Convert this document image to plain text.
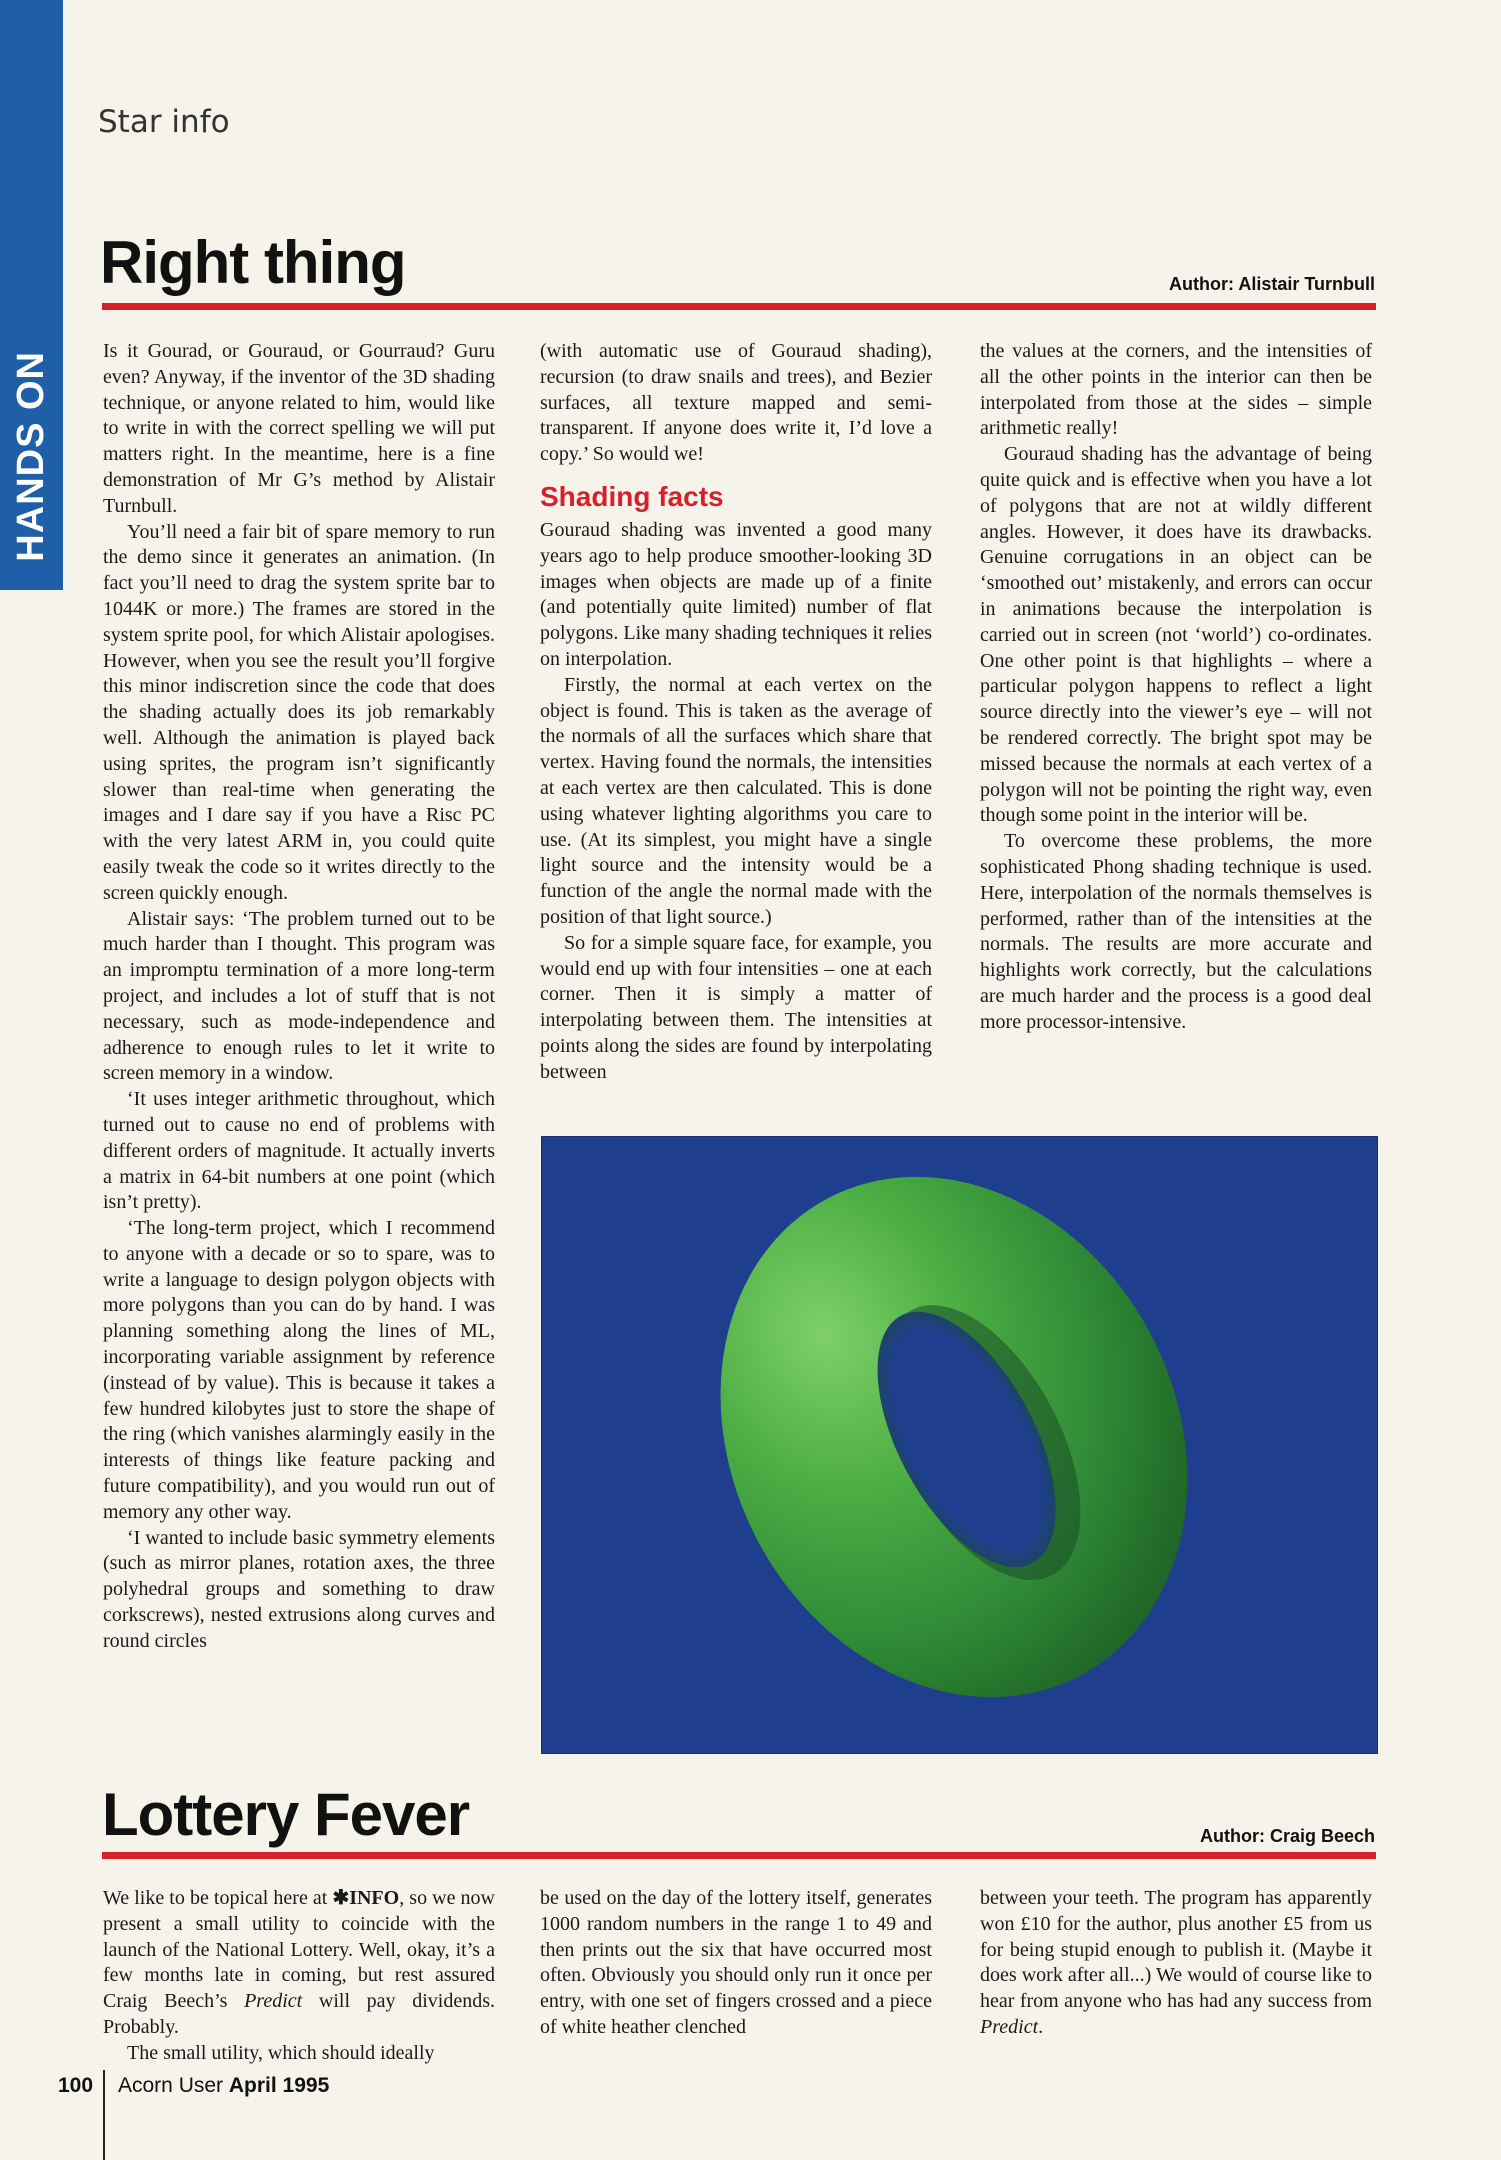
HANDS ON
Star info
Right thing	Author: Alistair Turnbull

Is it Gourad, or Gouraud, or Gourraud? Guru even? Anyway, if the inventor of the 3D shading technique, or anyone related to him, would like to write in with the correct spelling we will put matters right. In the meantime, here is a fine demonstration of Mr G’s method by Alistair Turnbull.

You’ll need a fair bit of spare memory to run the demo since it generates an animation. (In fact you’ll need to drag the system sprite bar to 1044K or more.) The frames are stored in the system sprite pool, for which Alistair apologises. However, when you see the result you’ll forgive this minor indiscretion since the code that does the shading actually does its job remarkably well. Although the animation is played back using sprites, the program isn’t significantly slower than real-time when generating the images and I dare say if you have a Risc PC with the very latest ARM in, you could quite easily tweak the code so it writes directly to the screen quickly enough.

Alistair says: ‘The problem turned out to be much harder than I thought. This program was an impromptu termination of a more long-term project, and includes a lot of stuff that is not necessary, such as mode-independence and adherence to enough rules to let it write to screen memory in a window.

‘It uses integer arithmetic throughout, which turned out to cause no end of problems with different orders of magnitude. It actually inverts a matrix in 64-bit numbers at one point (which isn’t pretty).

‘The long-term project, which I recommend to anyone with a decade or so to spare, was to write a language to design polygon objects with more polygons than you can do by hand. I was planning something along the lines of ML, incorporating variable assignment by reference (instead of by value). This is because it takes a few hundred kilobytes just to store the shape of the ring (which vanishes alarmingly easily in the interests of things like feature packing and future compatibility), and you would run out of memory any other way.

‘I wanted to include basic symmetry elements (such as mirror planes, rotation axes, the three polyhedral groups and something to draw corkscrews), nested extrusions along curves and round circles

(with automatic use of Gouraud shading), recursion (to draw snails and trees), and Bezier surfaces, all texture mapped and semi-transparent. If anyone does write it, I’d love a copy.’ So would we!

Shading facts

Gouraud shading was invented a good many years ago to help produce smoother-looking 3D images when objects are made up of a finite (and potentially quite limited) number of flat polygons. Like many shading techniques it relies on interpolation.

Firstly, the normal at each vertex on the object is found. This is taken as the average of the normals of all the surfaces which share that vertex. Having found the normals, the intensities at each vertex are then calculated. This is done using whatever lighting algorithms you care to use. (At its simplest, you might have a single light source and the intensity would be a function of the angle the normal made with the position of that light source.)

So for a simple square face, for example, you would end up with four intensities – one at each corner. Then it is simply a matter of interpolating between them. The intensities at points along the sides are found by interpolating between

the values at the corners, and the intensities of all the other points in the interior can then be interpolated from those at the sides – simple arithmetic really!

Gouraud shading has the advantage of being quite quick and is effective when you have a lot of polygons that are not at wildly different angles. However, it does have its drawbacks. Genuine corrugations in an object can be ‘smoothed out’ mistakenly, and errors can occur in animations because the interpolation is carried out in screen (not ‘world’) co-ordinates. One other point is that highlights – where a particular polygon happens to reflect a light source directly into the viewer’s eye – will not be rendered correctly. The bright spot may be missed because the normals at each vertex of a polygon will not be pointing the right way, even though some point in the interior will be.

To overcome these problems, the more sophisticated Phong shading technique is used. Here, interpolation of the normals themselves is performed, rather than of the intensities at the normals. The results are more accurate and highlights work correctly, but the calculations are much harder and the process is a good deal more processor-intensive.

Lottery Fever	Author: Craig Beech

We like to be topical here at ✱INFO, so we now present a small utility to coincide with the launch of the National Lottery. Well, okay, it’s a few months late in coming, but rest assured Craig Beech’s Predict will pay dividends. Probably.

The small utility, which should ideally

be used on the day of the lottery itself, generates 1000 random numbers in the range 1 to 49 and then prints out the six that have occurred most often. Obviously you should only run it once per entry, with one set of fingers crossed and a piece of white heather clenched

between your teeth. The program has apparently won £10 for the author, plus another £5 from us for being stupid enough to publish it. (Maybe it does work after all...) We would of course like to hear from anyone who has had any success from Predict.

100 Acorn User April 1995
